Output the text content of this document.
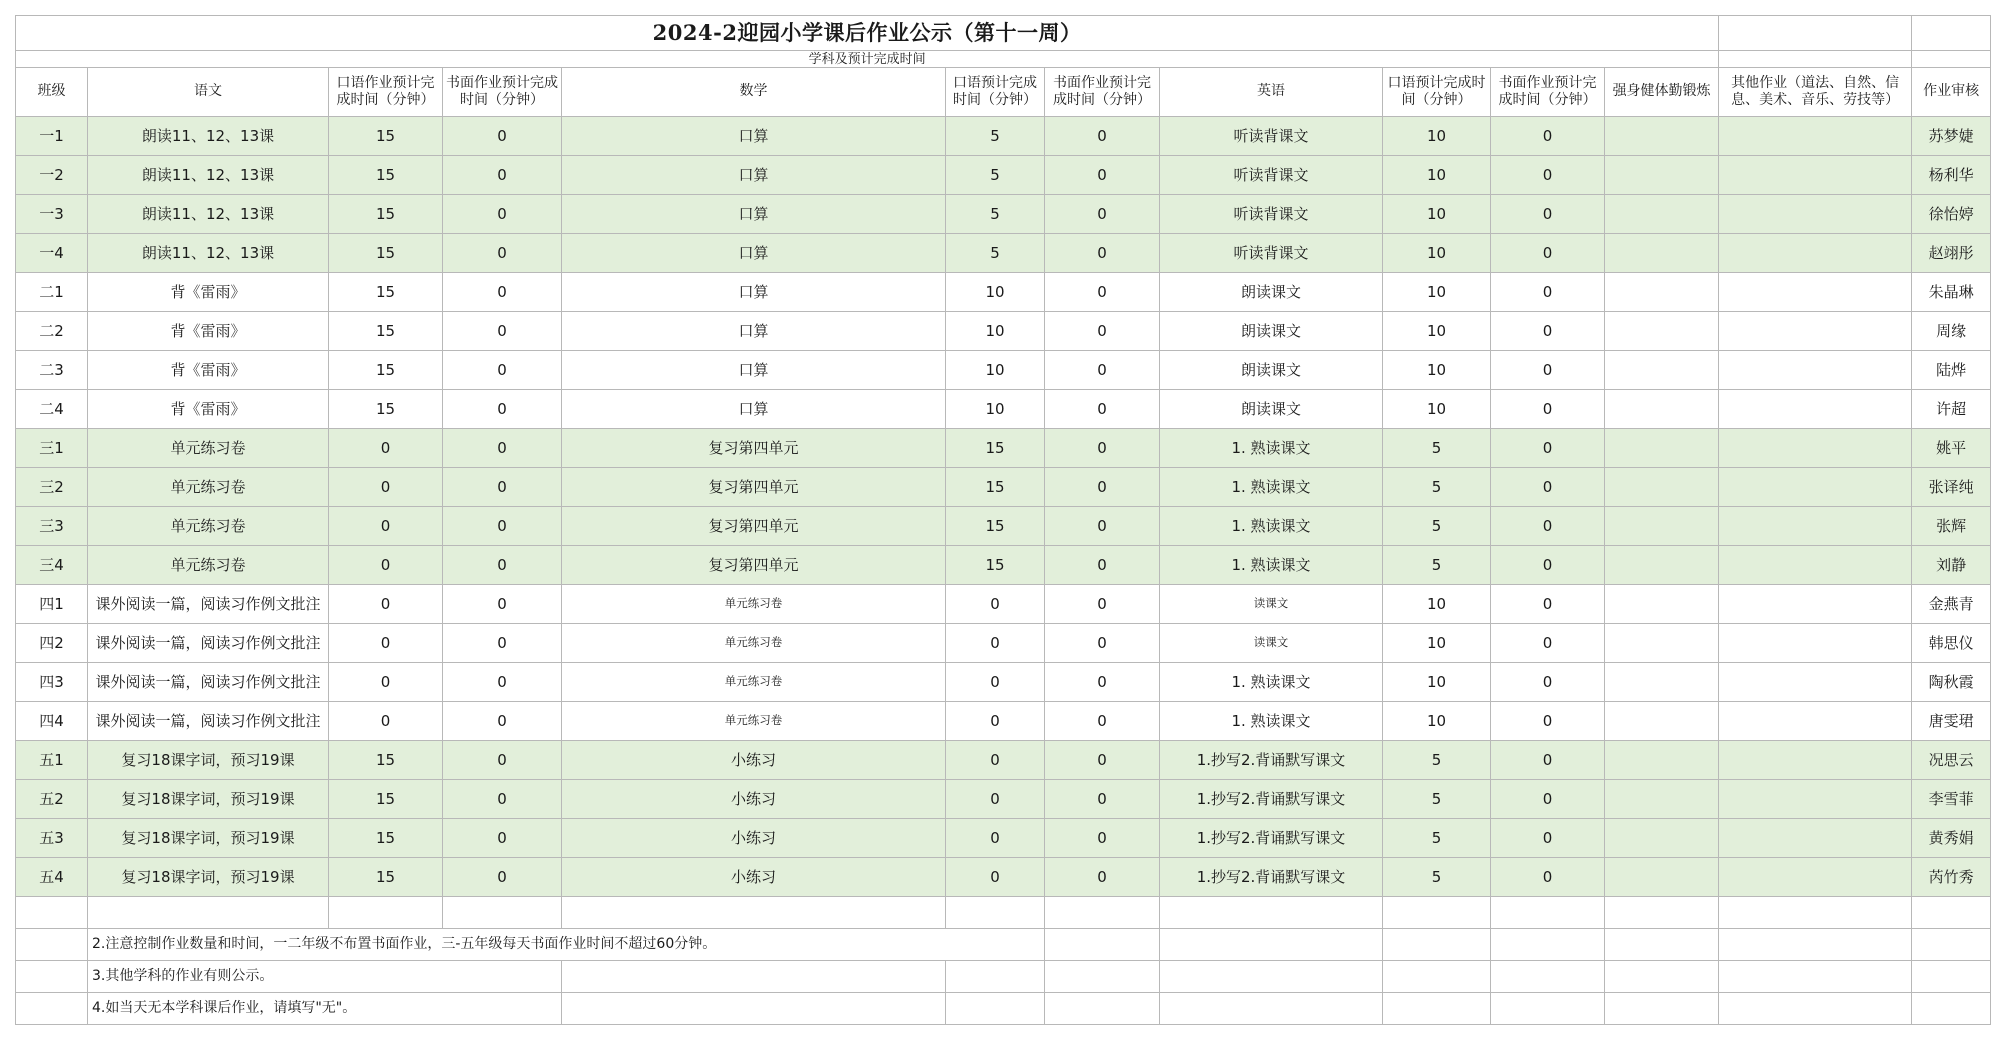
2024-2迎园小学课后作业公示（第十一周）												
学科及预计完成时间												
班级	语文	口语作业预计完成时间（分钟）	书面作业预计完成时间（分钟）	数学	口语预计完成时间（分钟）	书面作业预计完成时间（分钟）	英语	口语预计完成时间（分钟）	书面作业预计完成时间（分钟）	强身健体勤锻炼	其他作业（道法、自然、信息、美术、音乐、劳技等）	作业审核
一1	朗读11、12、13课	15	0	口算	5	0	听读背课文	10	0			苏梦婕
一2	朗读11、12、13课	15	0	口算	5	0	听读背课文	10	0			杨利华
一3	朗读11、12、13课	15	0	口算	5	0	听读背课文	10	0			徐怡婷
一4	朗读11、12、13课	15	0	口算	5	0	听读背课文	10	0			赵翊彤
二1	背《雷雨》	15	0	口算	10	0	朗读课文	10	0			朱晶琳
二2	背《雷雨》	15	0	口算	10	0	朗读课文	10	0			周缘
二3	背《雷雨》	15	0	口算	10	0	朗读课文	10	0			陆烨
二4	背《雷雨》	15	0	口算	10	0	朗读课文	10	0			许超
三1	单元练习卷	0	0	复习第四单元	15	0	1. 熟读课文	5	0			姚平
三2	单元练习卷	0	0	复习第四单元	15	0	1. 熟读课文	5	0			张译纯
三3	单元练习卷	0	0	复习第四单元	15	0	1. 熟读课文	5	0			张辉
三4	单元练习卷	0	0	复习第四单元	15	0	1. 熟读课文	5	0			刘静
四1	课外阅读一篇，阅读习作例文批注	0	0	单元练习卷	0	0	读课文	10	0			金燕青
四2	课外阅读一篇，阅读习作例文批注	0	0	单元练习卷	0	0	读课文	10	0			韩思仪
四3	课外阅读一篇，阅读习作例文批注	0	0	单元练习卷	0	0	1. 熟读课文	10	0			陶秋霞
四4	课外阅读一篇，阅读习作例文批注	0	0	单元练习卷	0	0	1. 熟读课文	10	0			唐雯珺
五1	复习18课字词，预习19课	15	0	小练习	0	0	1.抄写2.背诵默写课文	5	0			况思云
五2	复习18课字词，预习19课	15	0	小练习	0	0	1.抄写2.背诵默写课文	5	0			李雪菲
五3	复习18课字词，预习19课	15	0	小练习	0	0	1.抄写2.背诵默写课文	5	0			黄秀娟
五4	复习18课字词，预习19课	15	0	小练习	0	0	1.抄写2.背诵默写课文	5	0			芮竹秀

	2.注意控制作业数量和时间，一二年级不布置书面作业，三-五年级每天书面作业时间不超过60分钟。											
	3.其他学科的作业有则公示。											
	4.如当天无本学科课后作业，请填写"无"。											
